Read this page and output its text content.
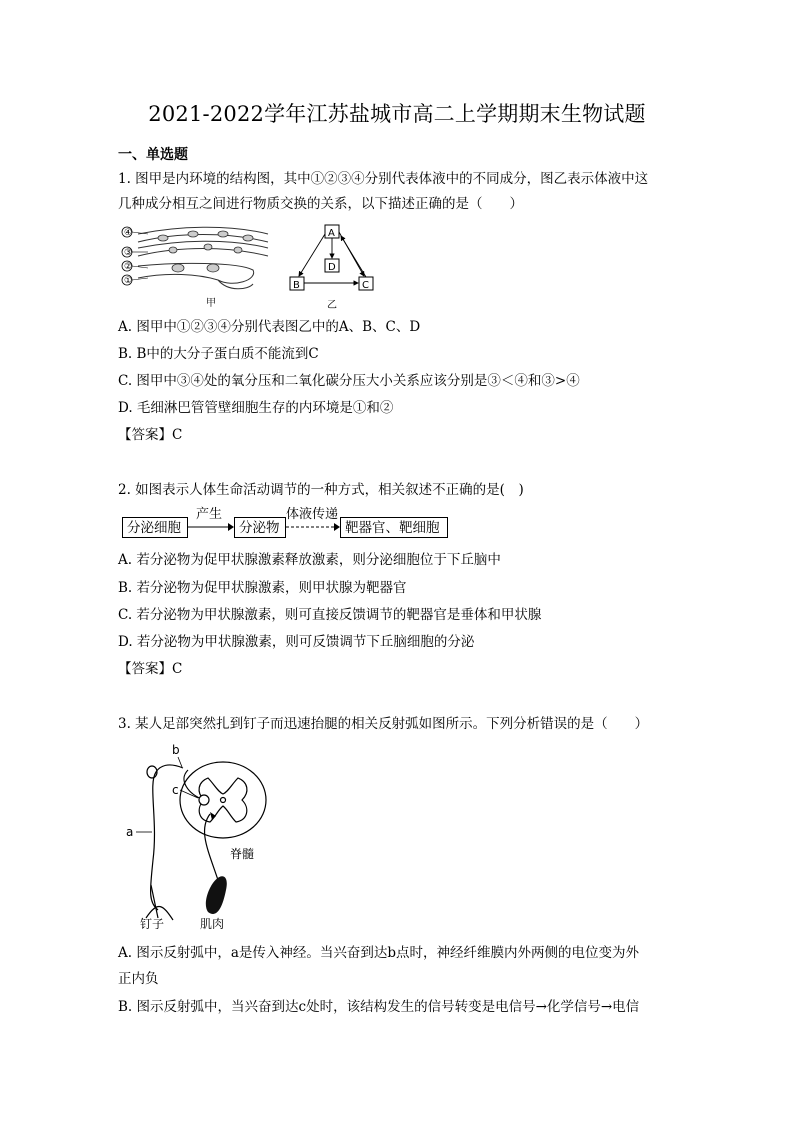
2021-2022学年江苏盐城市高二上学期期末生物试题
一、单选题
1. 图甲是内环境的结构图，其中①②③④分别代表体液中的不同成分，图乙表示体液中这
几种成分相互之间进行物质交换的关系，以下描述正确的是（　　）
④
③
②
①
甲
A
D
B	C
乙
A. 图甲中①②③④分别代表图乙中的A、B、C、D
B. B中的大分子蛋白质不能流到C
C. 图甲中③④处的氧分压和二氧化碳分压大小关系应该分别是③＜④和③>④
D. 毛细淋巴管管壁细胞生存的内环境是①和②
【答案】C
2. 如图表示人体生命活动调节的一种方式，相关叙述不正确的是(　)
分泌细胞	分泌物	靶器官、靶细胞
产生	体液传递
A. 若分泌物为促甲状腺激素释放激素，则分泌细胞位于下丘脑中
B. 若分泌物为促甲状腺激素，则甲状腺为靶器官
C. 若分泌物为甲状腺激素，则可直接反馈调节的靶器官是垂体和甲状腺
D. 若分泌物为甲状腺激素，则可反馈调节下丘脑细胞的分泌
【答案】C
3. 某人足部突然扎到钉子而迅速抬腿的相关反射弧如图所示。下列分析错误的是（　　）
b
c
a
脊髓
钉子	肌肉
A. 图示反射弧中，a是传入神经。当兴奋到达b点时，神经纤维膜内外两侧的电位变为外
正内负
B. 图示反射弧中，当兴奋到达c处时，该结构发生的信号转变是电信号→化学信号→电信
